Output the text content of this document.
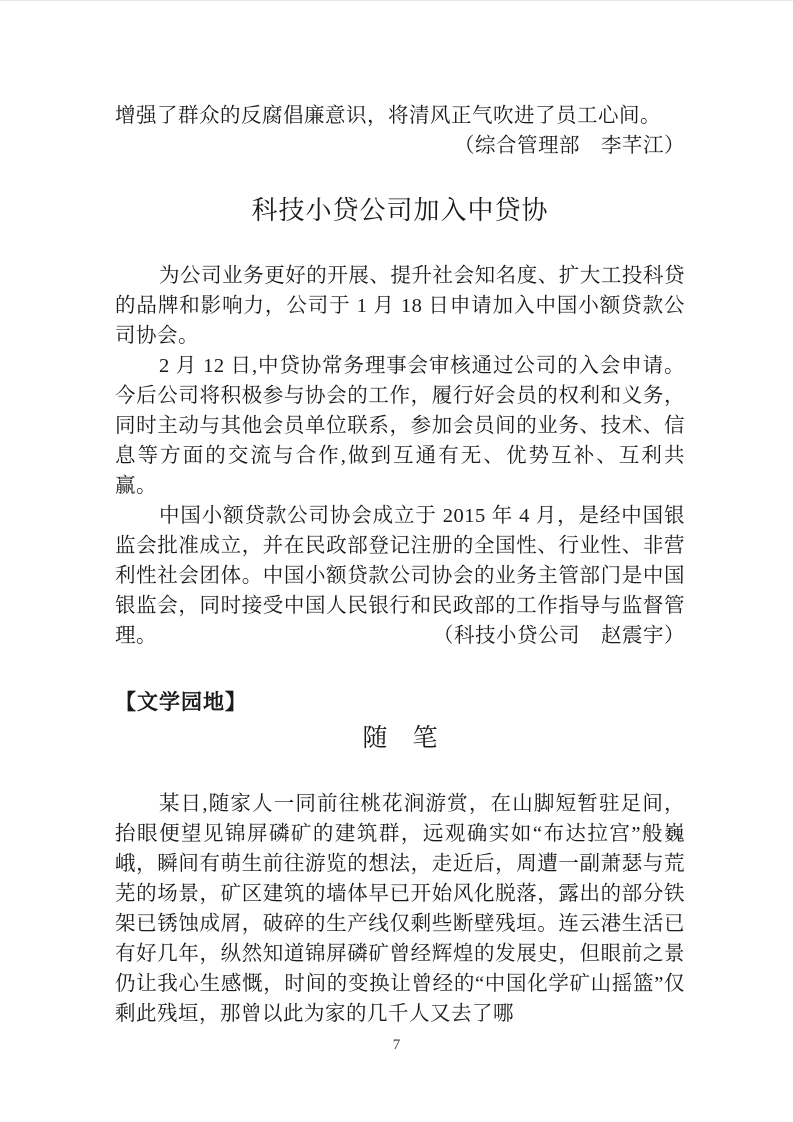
增强了群众的反腐倡廉意识，将清风正气吹进了员工心间。

（综合管理部　李芊江）

科技小贷公司加入中贷协

为公司业务更好的开展、提升社会知名度、扩大工投科贷的品牌和影响力，公司于 1 月 18 日申请加入中国小额贷款公司协会。

2 月 12 日,中贷协常务理事会审核通过公司的入会申请。今后公司将积极参与协会的工作，履行好会员的权利和义务，同时主动与其他会员单位联系，参加会员间的业务、技术、信息等方面的交流与合作,做到互通有无、优势互补、互利共赢。

中国小额贷款公司协会成立于 2015 年 4 月，是经中国银监会批准成立，并在民政部登记注册的全国性、行业性、非营利性社会团体。中国小额贷款公司协会的业务主管部门是中国银监会，同时接受中国人民银行和民政部的工作指导与监督管理。	（科技小贷公司　赵震宇）

【文学园地】

随　笔

某日,随家人一同前往桃花涧游赏，在山脚短暂驻足间，抬眼便望见锦屏磷矿的建筑群，远观确实如“布达拉宫”般巍峨，瞬间有萌生前往游览的想法，走近后，周遭一副萧瑟与荒芜的场景，矿区建筑的墙体早已开始风化脱落，露出的部分铁架已锈蚀成屑，破碎的生产线仅剩些断壁残垣。连云港生活已有好几年，纵然知道锦屏磷矿曾经辉煌的发展史，但眼前之景仍让我心生感慨，时间的变换让曾经的“中国化学矿山摇篮”仅剩此残垣，那曾以此为家的几千人又去了哪

7
